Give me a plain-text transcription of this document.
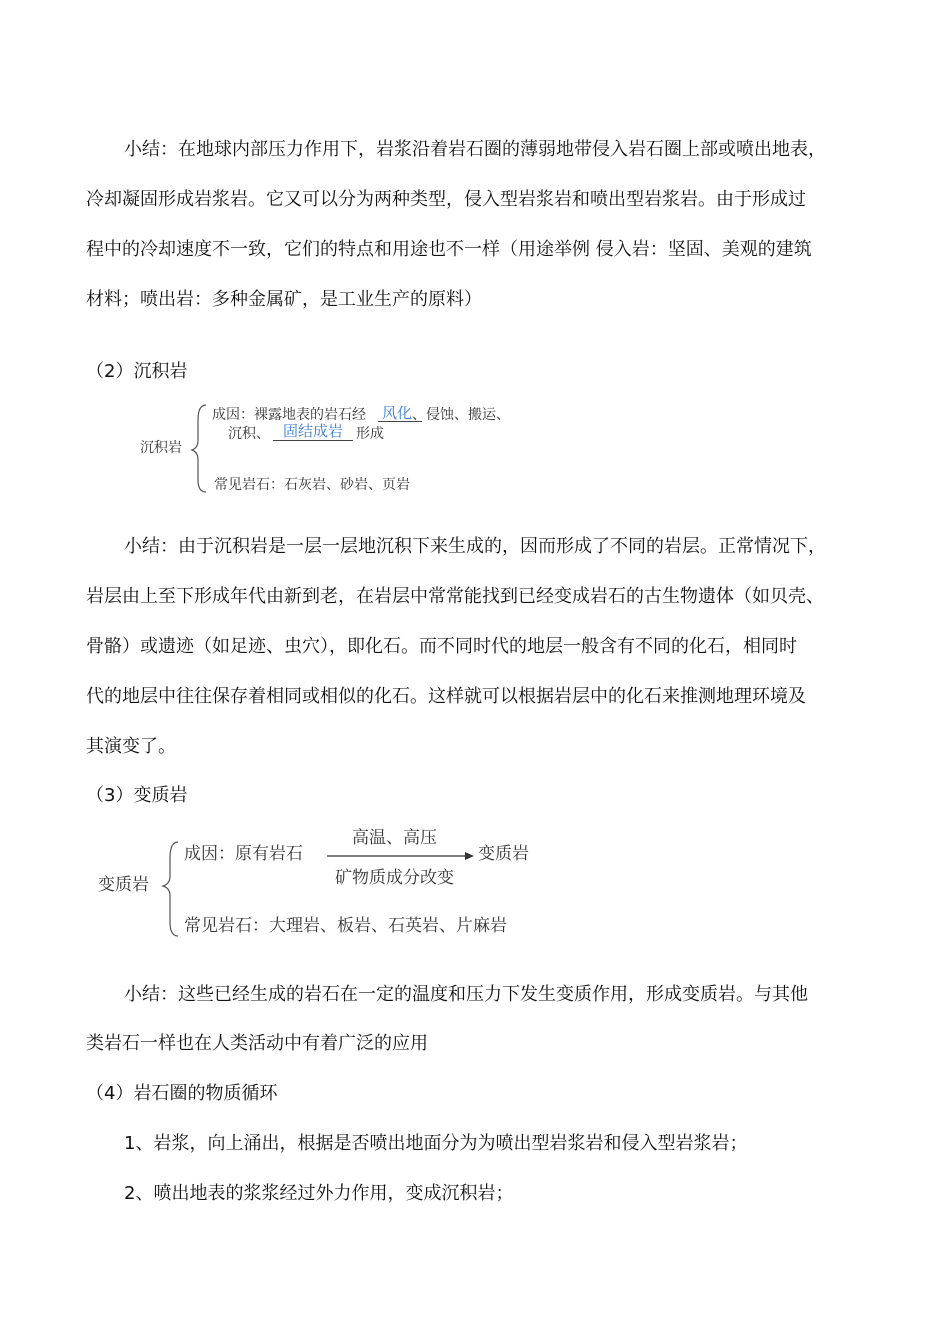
小结：在地球内部压力作用下，岩浆沿着岩石圈的薄弱地带侵入岩石圈上部或喷出地表，
冷却凝固形成岩浆岩。它又可以分为两种类型，侵入型岩浆岩和喷出型岩浆岩。由于形成过
程中的冷却速度不一致，它们的特点和用途也不一样（用途举例 侵入岩：坚固、美观的建筑
材料；喷出岩：多种金属矿，是工业生产的原料）
（2）沉积岩
沉积岩
成因：裸露地表的岩石经	、侵蚀、搬运、
风化
沉积、	形成
固结成岩
常见岩石：石灰岩、砂岩、页岩
小结：由于沉积岩是一层一层地沉积下来生成的，因而形成了不同的岩层。正常情况下，
岩层由上至下形成年代由新到老，在岩层中常常能找到已经变成岩石的古生物遗体（如贝壳、
骨骼）或遗迹（如足迹、虫穴），即化石。而不同时代的地层一般含有不同的化石，相同时
代的地层中往往保存着相同或相似的化石。这样就可以根据岩层中的化石来推测地理环境及
其演变了。
（3）变质岩
变质岩
成因：原有岩石
高温、高压
矿物质成分改变
变质岩
常见岩石：大理岩、板岩、石英岩、片麻岩
小结：这些已经生成的岩石在一定的温度和压力下发生变质作用，形成变质岩。与其他
类岩石一样也在人类活动中有着广泛的应用
（4）岩石圈的物质循环
1、岩浆，向上涌出，根据是否喷出地面分为为喷出型岩浆岩和侵入型岩浆岩；
2、喷出地表的浆浆经过外力作用，变成沉积岩；
